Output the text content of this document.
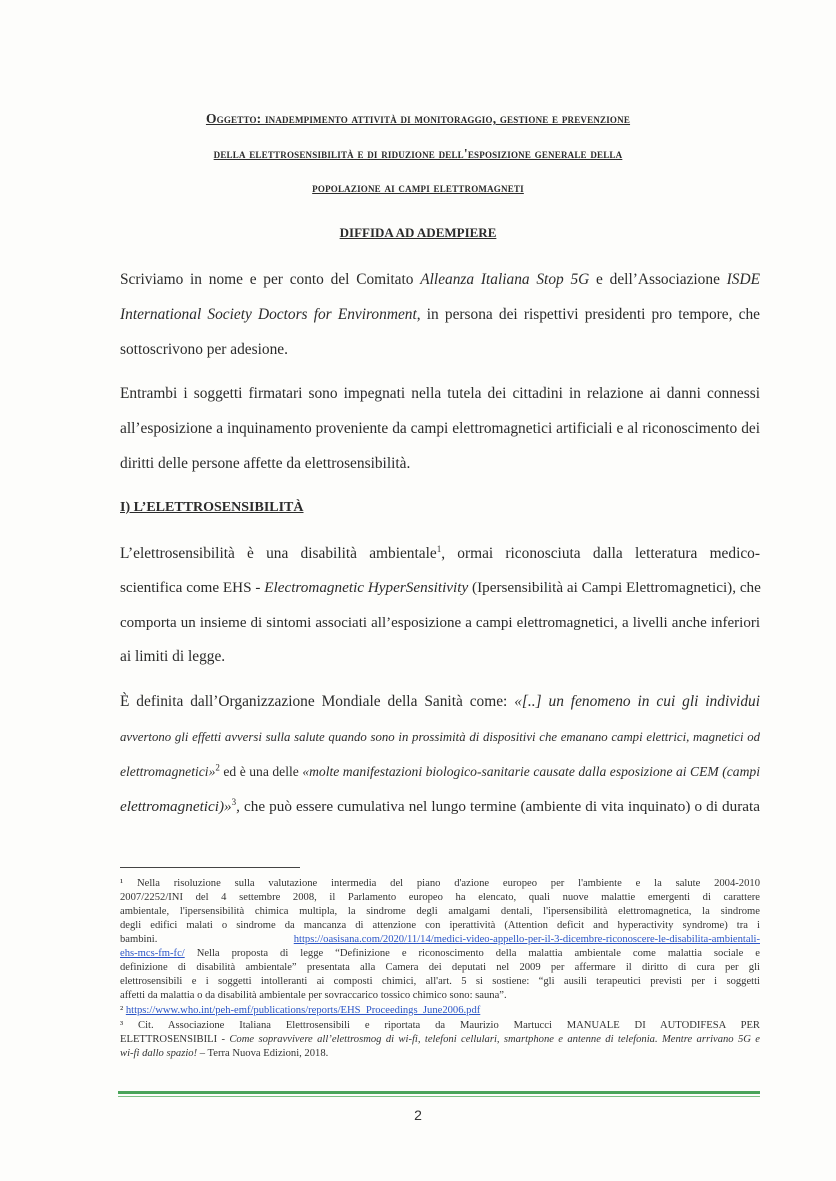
Oggetto: inadempimento attività di monitoraggio, gestione e prevenzione
della elettrosensibilità e di riduzione dell'esposizione generale della
popolazione ai campi elettromagneti
DIFFIDA AD ADEMPIERE
Scriviamo in nome e per conto del Comitato Alleanza Italiana Stop 5G e dell’Associazione ISDE
International Society Doctors for Environment, in persona dei rispettivi presidenti pro tempore, che
sottoscrivono per adesione.
Entrambi i soggetti firmatari sono impegnati nella tutela dei cittadini in relazione ai danni connessi
all’esposizione a inquinamento proveniente da campi elettromagnetici artificiali e al riconoscimento dei
diritti delle persone affette da elettrosensibilità.
I) L’ELETTROSENSIBILITÀ
L’elettrosensibilità è una disabilità ambientale$^1$, ormai riconosciuta dalla letteratura medico-
scientifica come EHS - Electromagnetic HyperSensitivity (Ipersensibilità ai Campi Elettromagnetici), che
comporta un insieme di sintomi associati all’esposizione a campi elettromagnetici, a livelli anche inferiori
ai limiti di legge.
È definita dall’Organizzazione Mondiale della Sanità come: «[..] un fenomeno in cui gli individui
avvertono gli effetti avversi sulla salute quando sono in prossimità di dispositivi che emanano campi elettrici, magnetici od
elettromagnetici»$^2$ ed è una delle «molte manifestazioni biologico-sanitarie causate dalla esposizione ai CEM (campi
elettromagnetici)»$^3$, che può essere cumulativa nel lungo termine (ambiente di vita inquinato) o di durata
¹ Nella risoluzione sulla valutazione intermedia del piano d'azione europeo per l'ambiente e la salute 2004-2010
2007/2252/INI del 4 settembre 2008, il Parlamento europeo ha elencato, quali nuove malattie emergenti di carattere
ambientale, l'ipersensibilità chimica multipla, la sindrome degli amalgami dentali, l'ipersensibilità elettromagnetica, la sindrome
degli edifici malati o sindrome da mancanza di attenzione con iperattività (Attention deficit and hyperactivity syndrome) tra i
bambini.	https://oasisana.com/2020/11/14/medici-video-appello-per-il-3-dicembre-riconoscere-le-disabilita-ambientali-
ehs-mcs-fm-fc/ Nella proposta di legge “Definizione e riconoscimento della malattia ambientale come malattia sociale e
definizione di disabilità ambientale” presentata alla Camera dei deputati nel 2009 per affermare il diritto di cura per gli
elettrosensibili e i soggetti intolleranti ai composti chimici, all'art. 5 si sostiene: “gli ausili terapeutici previsti per i soggetti
affetti da malattia o da disabilità ambientale per sovraccarico tossico chimico sono: sauna”.
² https://www.who.int/peh-emf/publications/reports/EHS_Proceedings_June2006.pdf
³ Cit. Associazione Italiana Elettrosensibili e riportata da Maurizio Martucci MANUALE DI AUTODIFESA PER
ELETTROSENSIBILI - Come sopravvivere all’elettrosmog di wi-fi, telefoni cellulari, smartphone e antenne di telefonia. Mentre arrivano 5G e
wi-fi dallo spazio! – Terra Nuova Edizioni, 2018.
2
